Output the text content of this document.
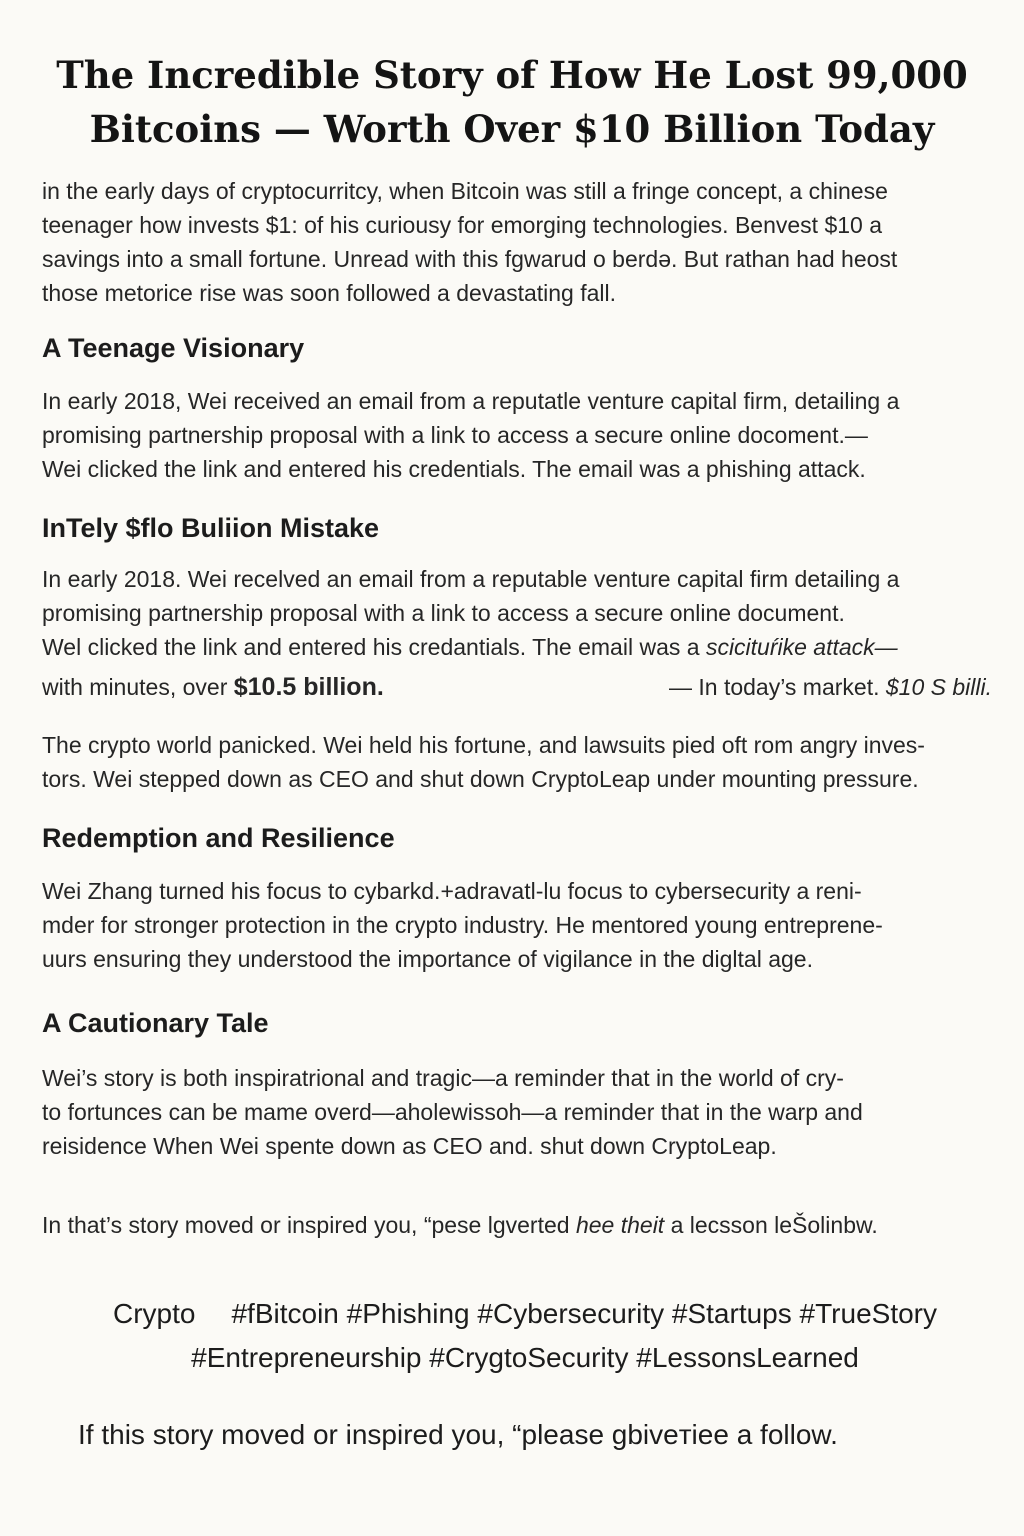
The Incredible Story of How He Lost 99,000
Bitcoins — Worth Over $10 Billion Today

in the early days of cryptocurritcy, when Bitcoin was still a fringe concept, a chinese
teenager how invests $1: of his curiousy for emorging technologies. Benvest $10 a
savings into a small fortune. Unread with this fgwarud o berdə. But rathan had heost
those metorice rise was soon followed a devastating fall.

A Teenage Visionary

In early 2018, Wei received an email from a reputatle venture capital firm, detailing a
promising partnership proposal with a link to access a secure online docoment.—
Wei clicked the link and entered his credentials. The email was a phishing attack.

InTely $flo Buliion Mistake

In early 2018. Wei recelved an email from a reputable venture capital firm detailing a
promising partnership proposal with a link to access a secure online document.
Wel clicked the link and entered his credantials. The email was a scicituŕike attack—
with minutes, over $10.5 billion.	— In today’s market. $10 S billi.

The crypto world panicked. Wei held his fortune, and lawsuits pied oft rom angry inves-
tors. Wei stepped down as CEO and shut down CryptoLeap under mounting pressure.

Redemption and Resilience

Wei Zhang turned his focus to cybarkd.+adravatl-lu focus to cybersecurity a reni-
mder for stronger protection in the crypto industry. He mentored young entreprene-
uurs ensuring they understood the importance of vigilance in the digltal age.

A Cautionary Tale

Wei’s story is both inspiratrional and tragic—a reminder that in the world of cry-
to fortunces can be mame overd—aholewissoh—a reminder that in the warp and
reisidence When Wei spente down as CEO and. shut down CryptoLeap.

In that’s story moved or inspired you, “pese lgverted hee theit a lecsson leŠolinbw.

Crypto #fBitcoin #Phishing #Cybersecurity #Startups #TrueStory
#Entrepreneurship #CrygtoSecurity #LessonsLearned

If this story moved or inspired you, “please gbiveтiee a follow.
